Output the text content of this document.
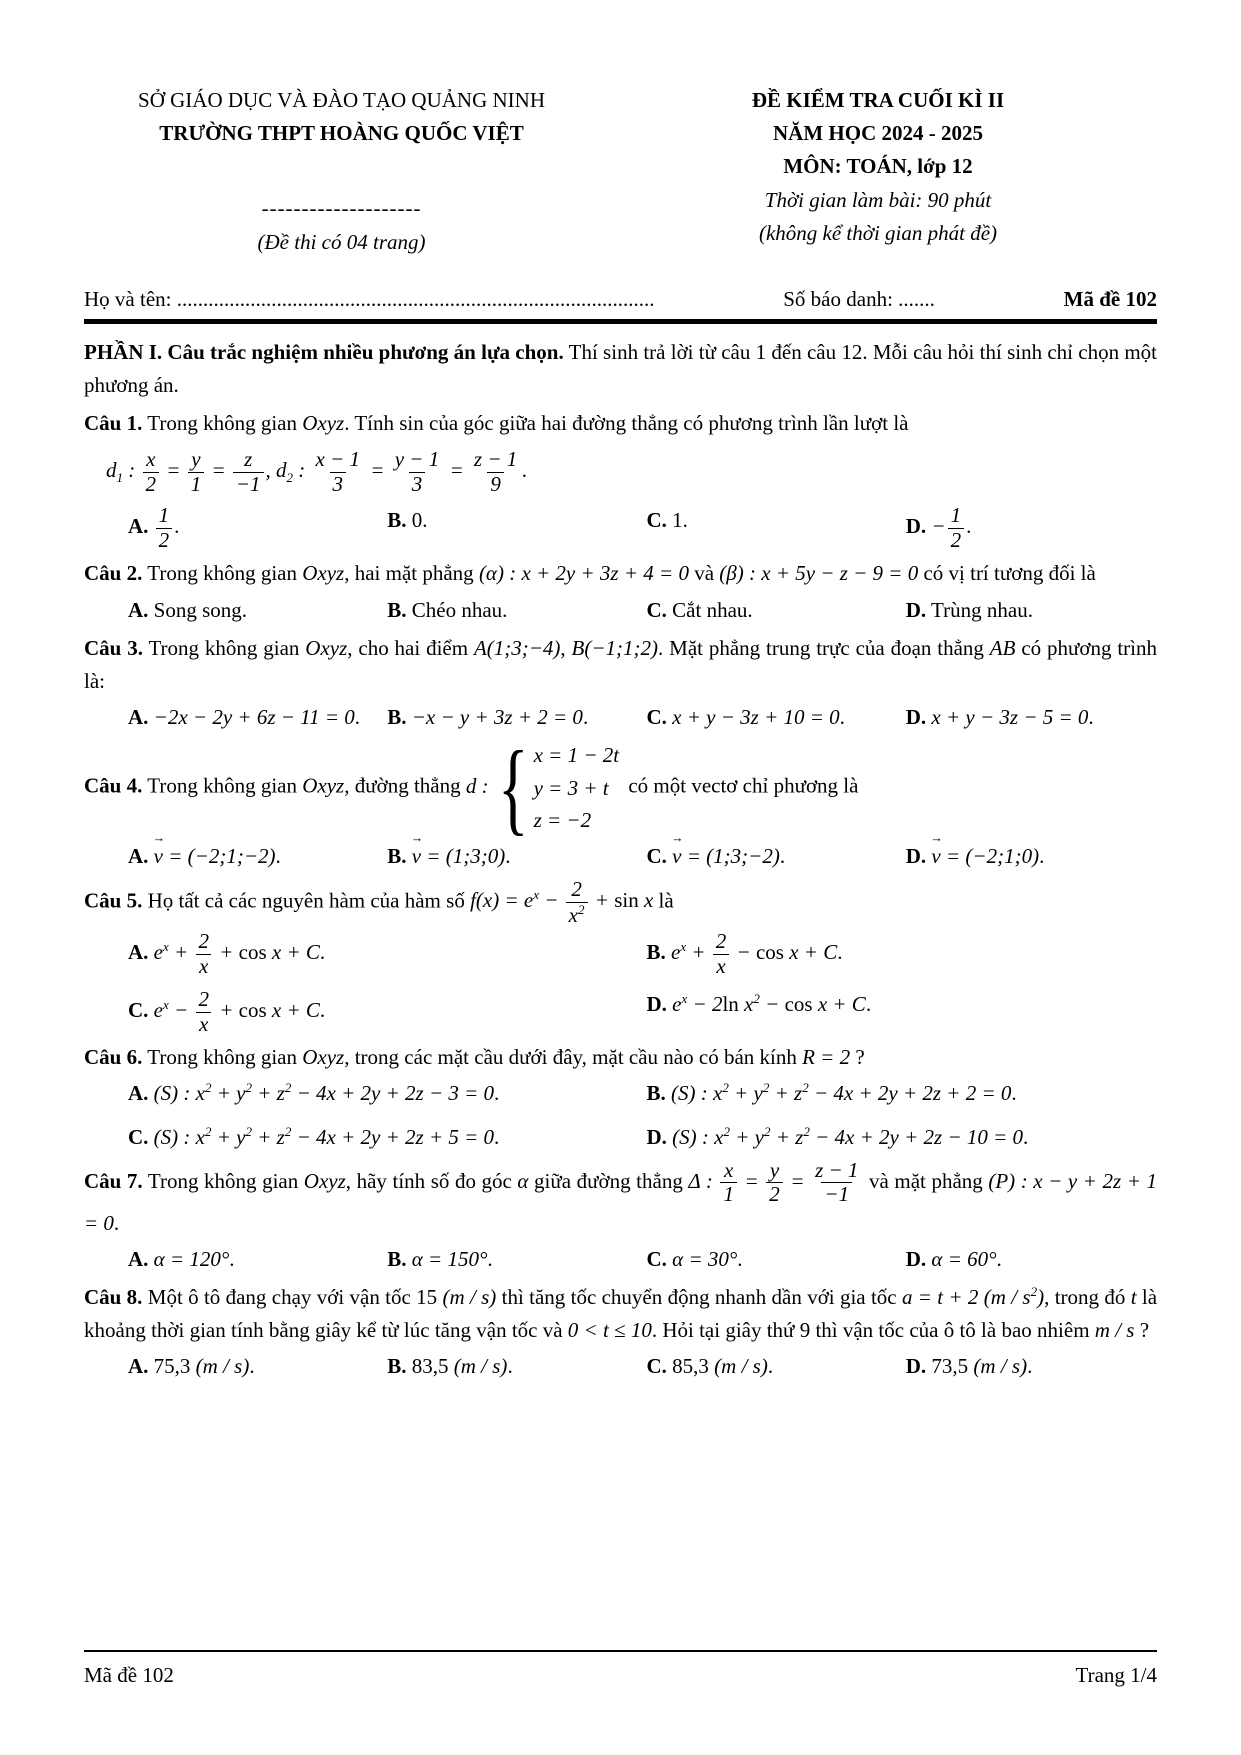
SỞ GIÁO DỤC VÀ ĐÀO TẠO QUẢNG NINH
TRƯỜNG THPT HOÀNG QUỐC VIỆT
--------------------
(Đề thi có 04 trang)
ĐỀ KIỂM TRA CUỐI KÌ II
NĂM HỌC 2024 - 2025
MÔN: TOÁN, lớp 12
Thời gian làm bài: 90 phút
(không kể thời gian phát đề)
Họ và tên: ...........................................................................................	Số báo danh: .......	Mã đề 102

PHẦN I. Câu trắc nghiệm nhiều phương án lựa chọn. Thí sinh trả lời từ câu 1 đến câu 12. Mỗi câu hỏi thí sinh chỉ chọn một phương án.

Câu 1. Trong không gian Oxyz. Tính sin của góc giữa hai đường thẳng có phương trình lần lượt là

$d_1$ : $\frac{x}{2} = \frac{y}{1} = \frac{z}{-1}$ , $d_2$ : $\frac{x - 1}{3} = \frac{y - 1}{3} = \frac{z - 1}{9}$ .
A. $\frac{1}{2}$ .	B. 0.	C. 1.	D. − $\frac{1}{2}$ .

Câu 2. Trong không gian Oxyz, hai mặt phẳng (α) : x + 2y + 3z + 4 = 0 và (β) : x + 5y − z − 9 = 0 có vị trí tương đối là

A. Song song.	B. Chéo nhau.	C. Cắt nhau.	D. Trùng nhau.

Câu 3. Trong không gian Oxyz, cho hai điểm A(1;3;−4), B(−1;1;2). Mặt phẳng trung trực của đoạn thẳng AB có phương trình là:

A. −2x − 2y + 6z − 11 = 0.	B. −x − y + 3z + 2 = 0.	C. x + y − 3z + 10 = 0.	D. x + y − 3z − 5 = 0.

Câu 4. Trong không gian Oxyz, đường thẳng d : { x = 1 − 2t
y = 3 + t
z = −2
có một vectơ chỉ phương là

A.
→
v = (−2;1;−2).	B.
→
v = (1;3;0).	C.
→
v = (1;3;−2).	D.
→
v = (−2;1;0).

Câu 5. Họ tất cả các nguyên hàm của hàm số $f(x) = e^x - \frac{2}{x^2} + \sin x$ là

A. $e^x + \frac{2}{x} + \cos x + C$.	B. $e^x + \frac{2}{x} - \cos x + C$.
C. $e^x - \frac{2}{x} + \cos x + C$.	D. $e^x - 2\ln$ $x^2 - \cos x + C$.

Câu 6. Trong không gian Oxyz, trong các mặt cầu dưới đây, mặt cầu nào có bán kính R = 2 ?

A. (S) : $x^2 + y^2 + z^2 - 4x + 2y + 2z - 3 = 0$.	B. (S) : $x^2 + y^2 + z^2 - 4x + 2y + 2z + 2 = 0$.
C. (S) : $x^2 + y^2 + z^2 - 4x + 2y + 2z + 5 = 0$.	D. (S) : $x^2 + y^2 + z^2 - 4x + 2y + 2z - 10 = 0$.

Câu 7. Trong không gian Oxyz, hãy tính số đo góc α giữa đường thẳng Δ : $\frac{x}{1} = \frac{y}{2} = \frac{z - 1}{-1}$ và mặt phẳng (P) : x − y + 2z + 1 = 0.

A. α = 120°.	B. α = 150°.	C. α = 30°.	D. α = 60°.

Câu 8. Một ô tô đang chạy với vận tốc 15 (m / s) thì tăng tốc chuyển động nhanh dần với gia tốc a = t + 2 $(m / s^2)$, trong đó t là khoảng thời gian tính bằng giây kể từ lúc tăng vận tốc và 0 < t ≤ 10. Hỏi tại giây thứ 9 thì vận tốc của ô tô là bao nhiêm m / s ?

A. 75,3 (m / s).	B. 83,5 (m / s).	C. 85,3 (m / s).	D. 73,5 (m / s).
Mã đề 102	Trang 1/4
